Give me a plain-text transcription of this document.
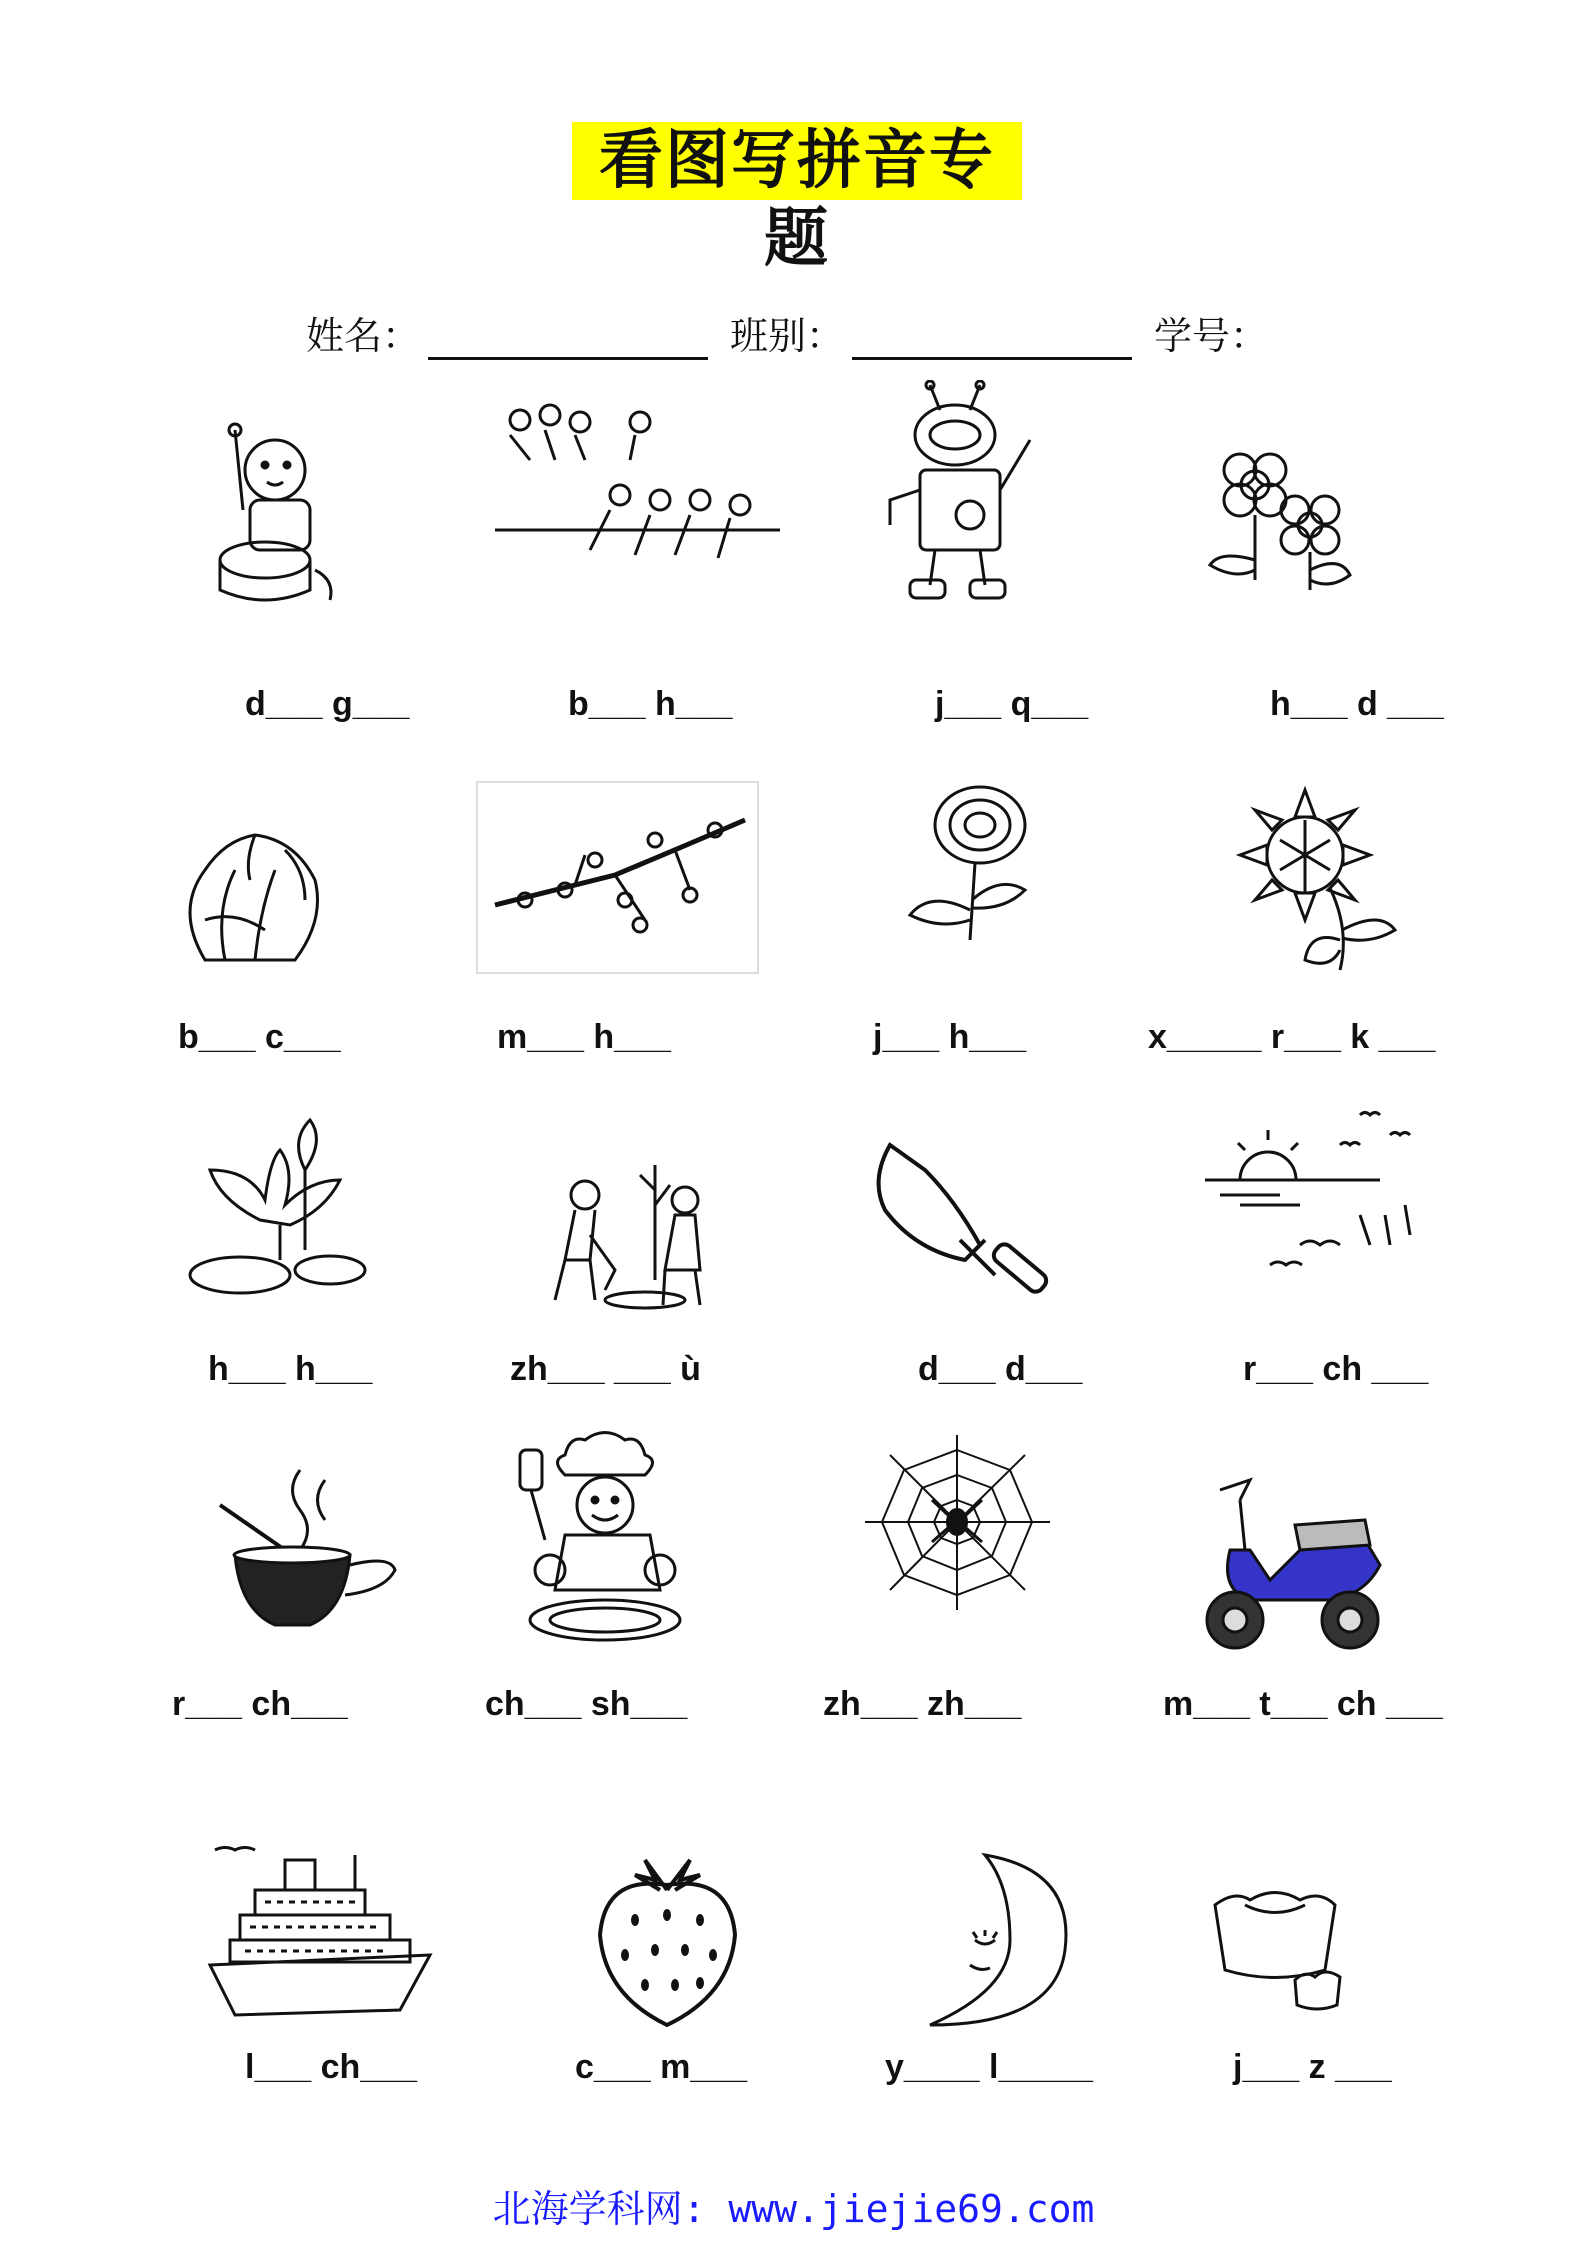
看图写拼音专题
姓名：	班别：	学号：
d___ g___	b___ h___	j___ q___	h___ d ___
b___ c___	m___ h___	j___ h___	x_____ r___ k ___
h___ h___	zh___ ___ ù	d___ d___	r___ ch ___
r___ ch___	ch___ sh___	zh___ zh___	m___ t___ ch ___
l___ ch___	c___ m___	y____ l_____	j___ z ___
北海学科网: www.jiejie69.com
